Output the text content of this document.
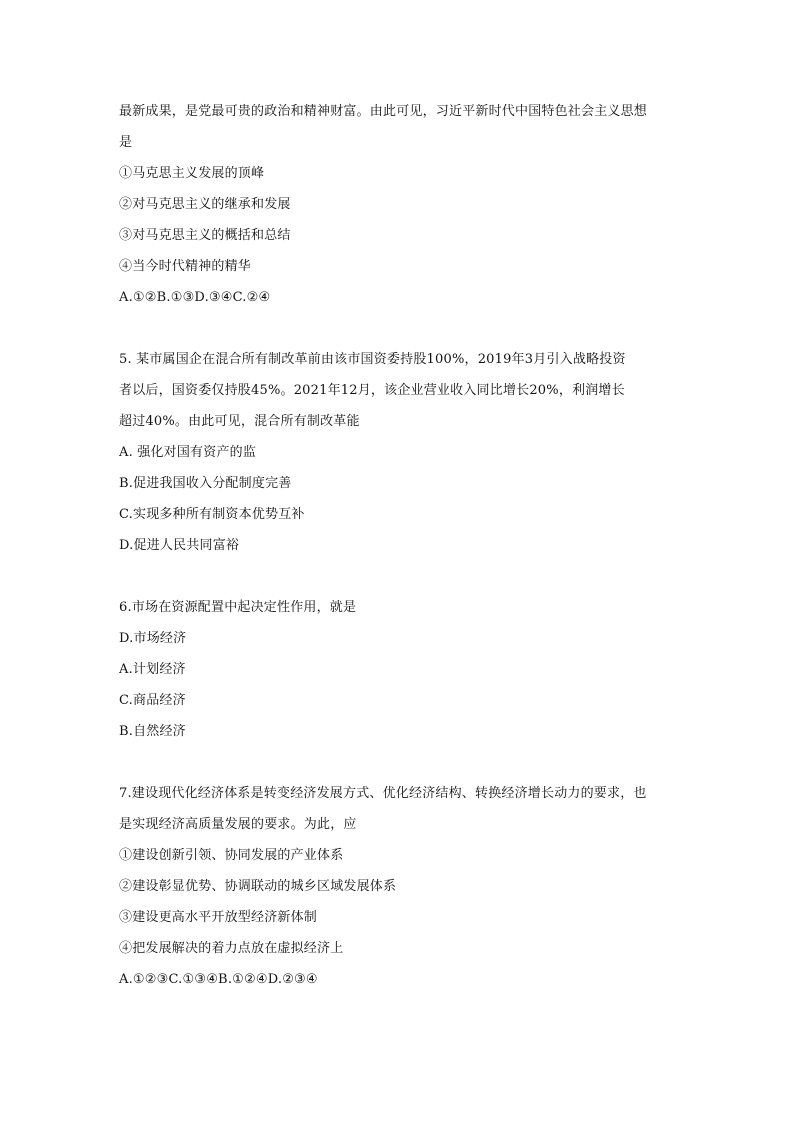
最新成果，是党最可贵的政治和精神财富。由此可见，习近平新时代中国特色社会主义思想
是
①马克思主义发展的顶峰
②对马克思主义的继承和发展
③对马克思主义的概括和总结
④当今时代精神的精华
A.①②B.①③D.③④C.②④
5. 某市属国企在混合所有制改革前由该市国资委持股100%，2019年3月引入战略投资
者以后，国资委仅持股45%。2021年12月，该企业营业收入同比增长20%，利润增长
超过40%。由此可见，混合所有制改革能
A. 强化对国有资产的监
B.促进我国收入分配制度完善
C.实现多种所有制资本优势互补
D.促进人民共同富裕
6.市场在资源配置中起决定性作用，就是
D.市场经济
A.计划经济
C.商品经济
B.自然经济
7.建设现代化经济体系是转变经济发展方式、优化经济结构、转换经济增长动力的要求，也
是实现经济高质量发展的要求。为此，应
①建设创新引领、协同发展的产业体系
②建设彰显优势、协调联动的城乡区域发展体系
③建设更高水平开放型经济新体制
④把发展解决的着力点放在虚拟经济上
A.①②③C.①③④B.①②④D.②③④
